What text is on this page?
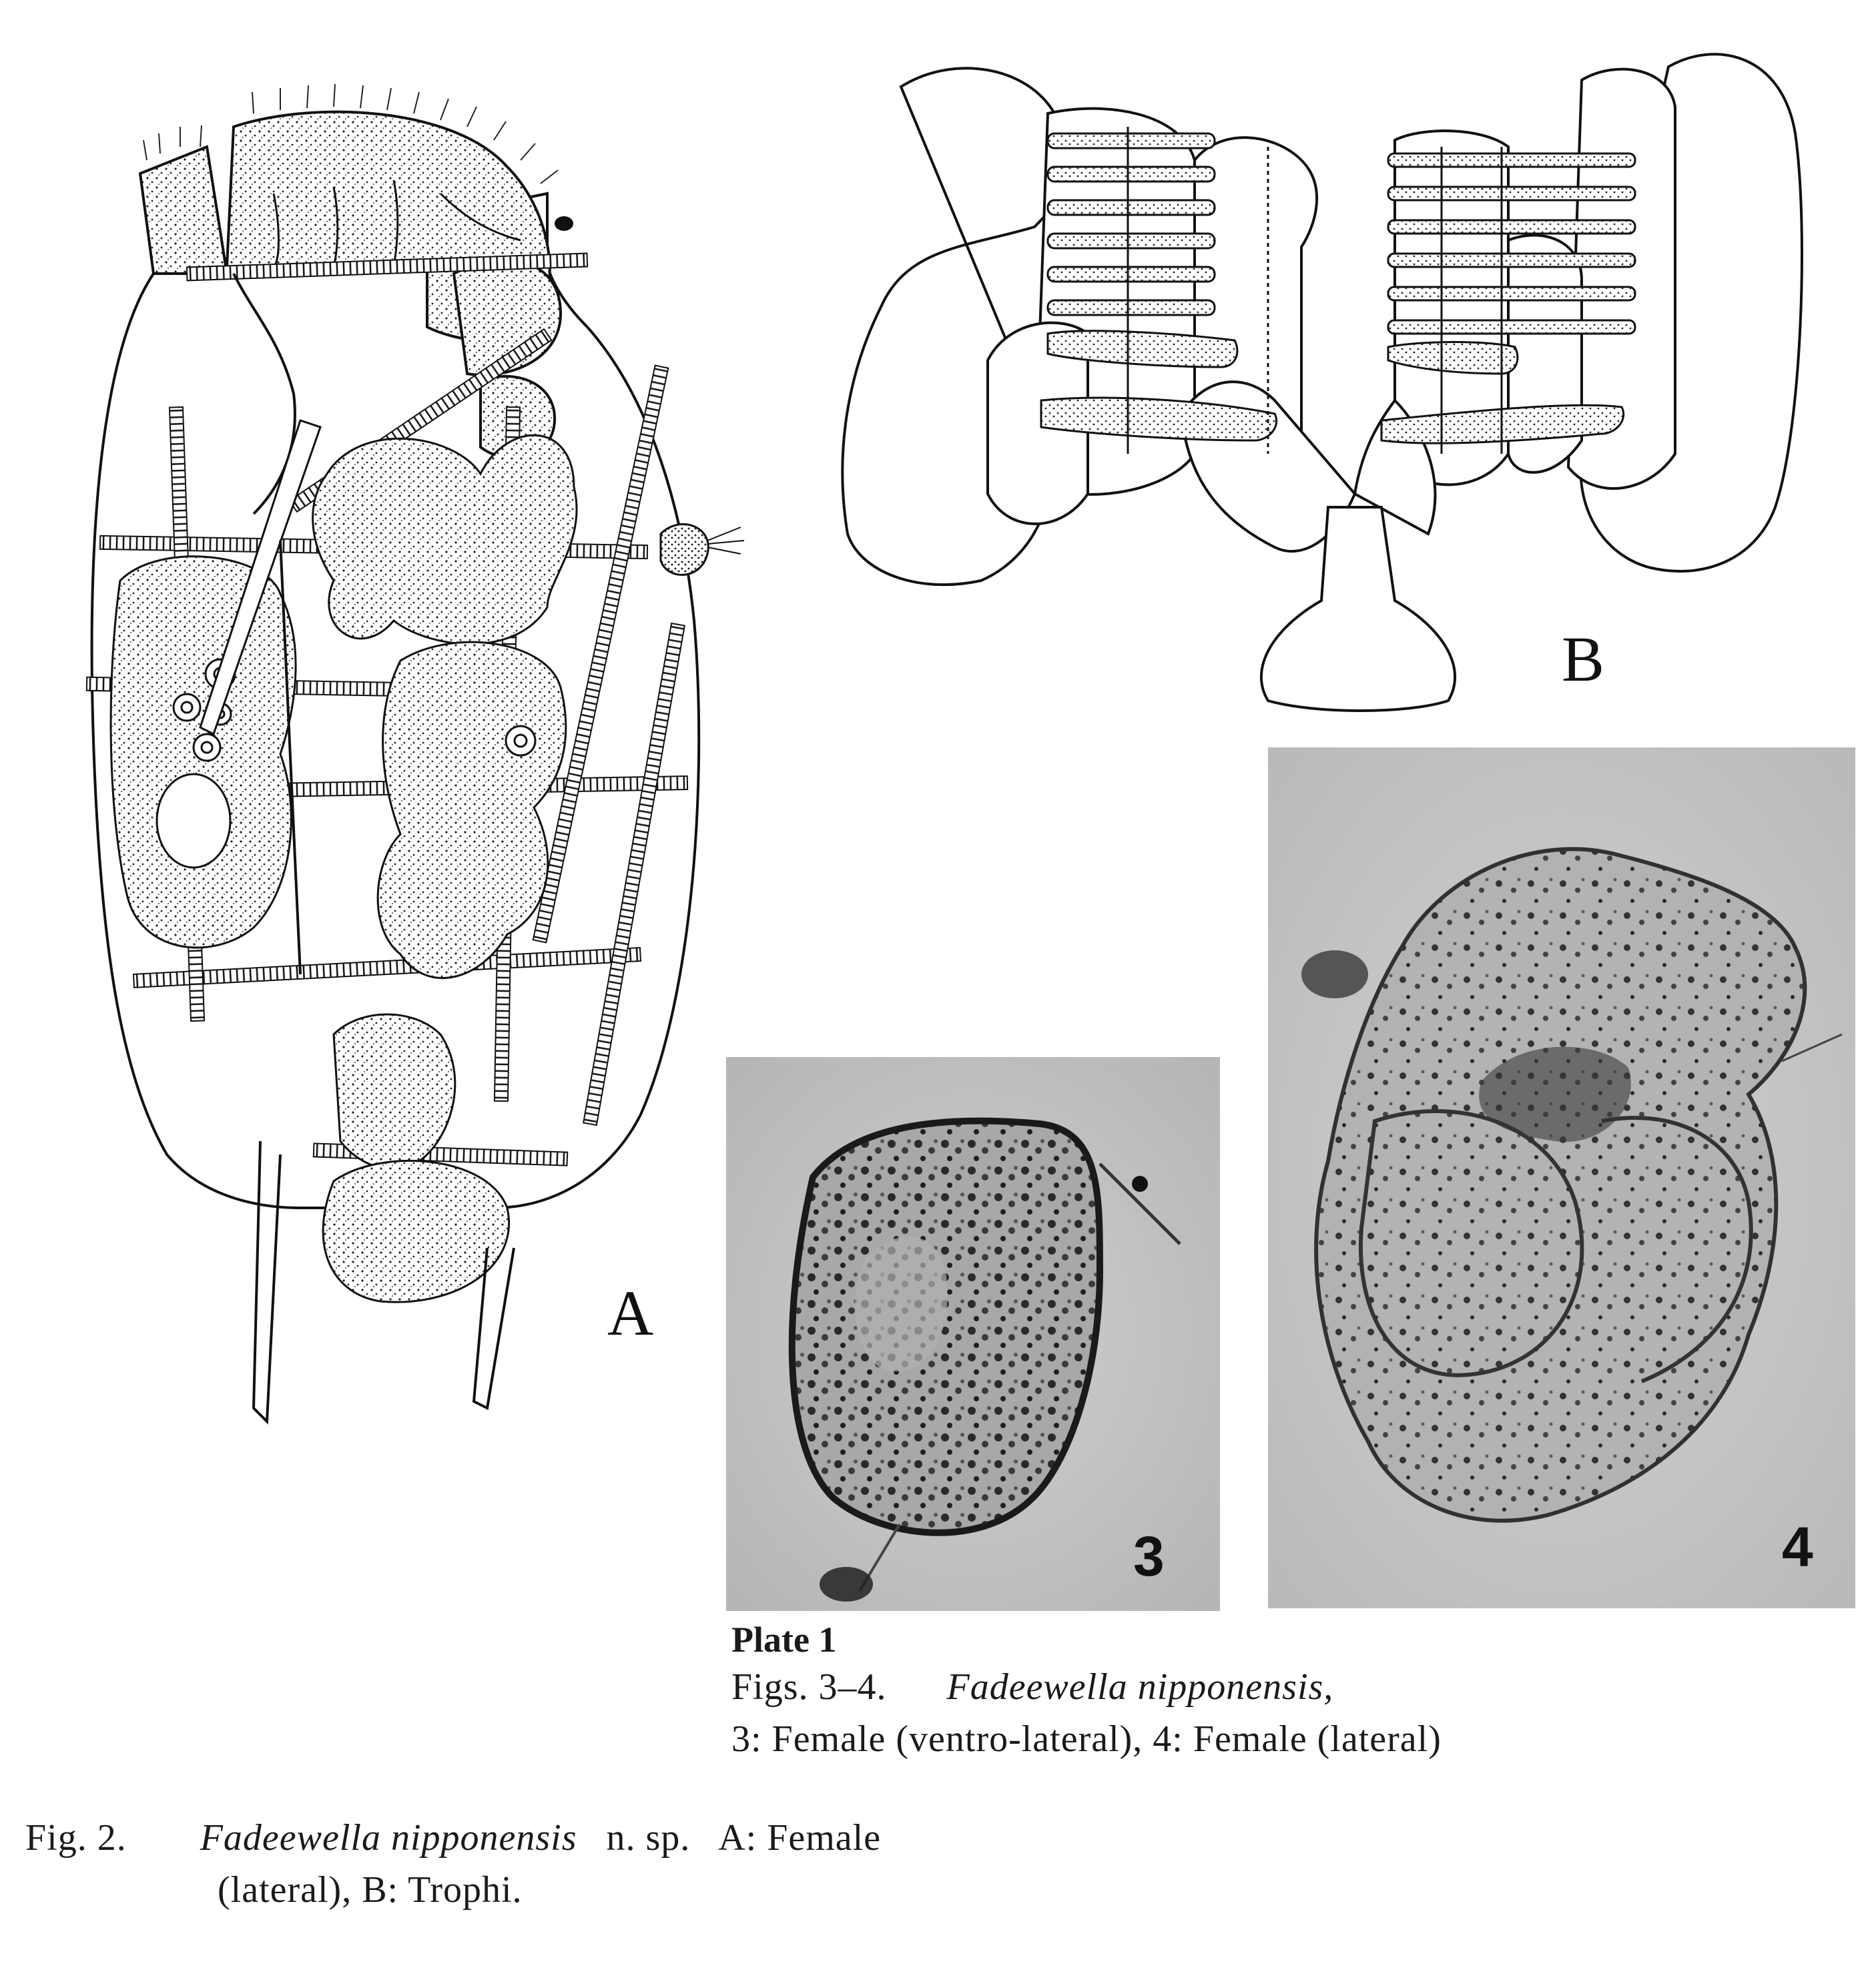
A
B
3	4
Plate 1
Figs. 3–4. Fadeewella nipponensis,
3: Female (ventro-lateral), 4: Female (lateral)
Fig. 2. Fadeewella nipponensis n. sp.   A: Female
(lateral), B: Trophi.
